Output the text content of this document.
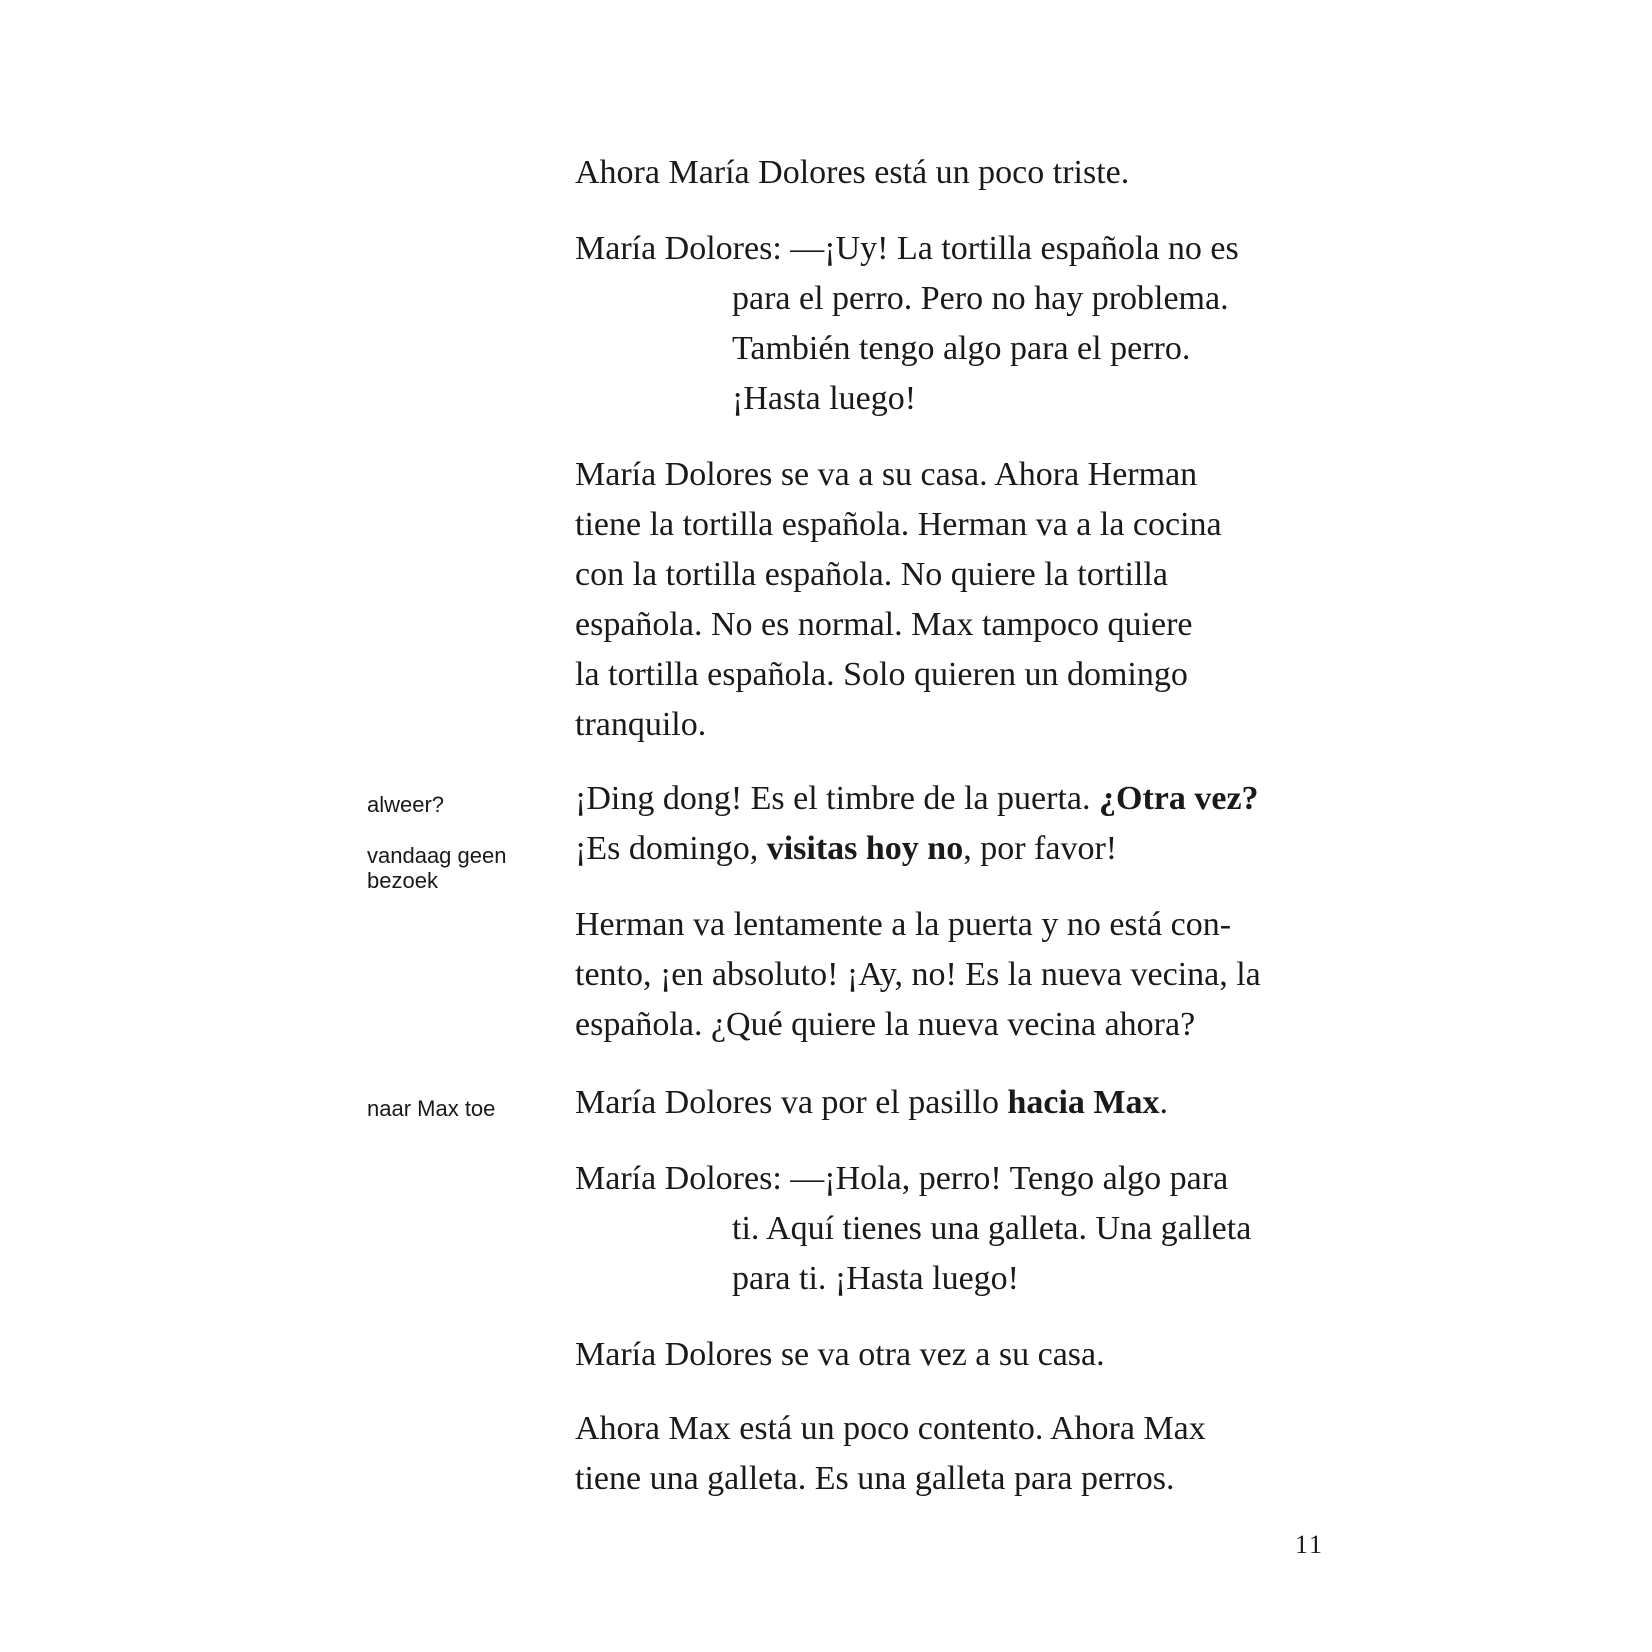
Ahora María Dolores está un poco triste.

María Dolores: —¡Uy! La tortilla española no es
para el perro. Pero no hay problema.
También tengo algo para el perro.
¡Hasta luego!

María Dolores se va a su casa. Ahora Herman
tiene la tortilla española. Herman va a la cocina
con la tortilla española. No quiere la tortilla
española. No es normal. Max tampoco quiere
la tortilla española. Solo quieren un domingo
tranquilo.

alweer?	¡Ding dong! Es el timbre de la puerta. ¿Otra vez?
¡Es domingo, visitas hoy no, por favor!

vandaag geen
bezoek

Herman va lentamente a la puerta y no está con-
tento, ¡en absoluto! ¡Ay, no! Es la nueva vecina, la
española. ¿Qué quiere la nueva vecina ahora?

naar Max toe	María Dolores va por el pasillo hacia Max.

María Dolores: —¡Hola, perro! Tengo algo para
ti. Aquí tienes una galleta. Una galleta
para ti. ¡Hasta luego!

María Dolores se va otra vez a su casa.

Ahora Max está un poco contento. Ahora Max
tiene una galleta. Es una galleta para perros.

11
